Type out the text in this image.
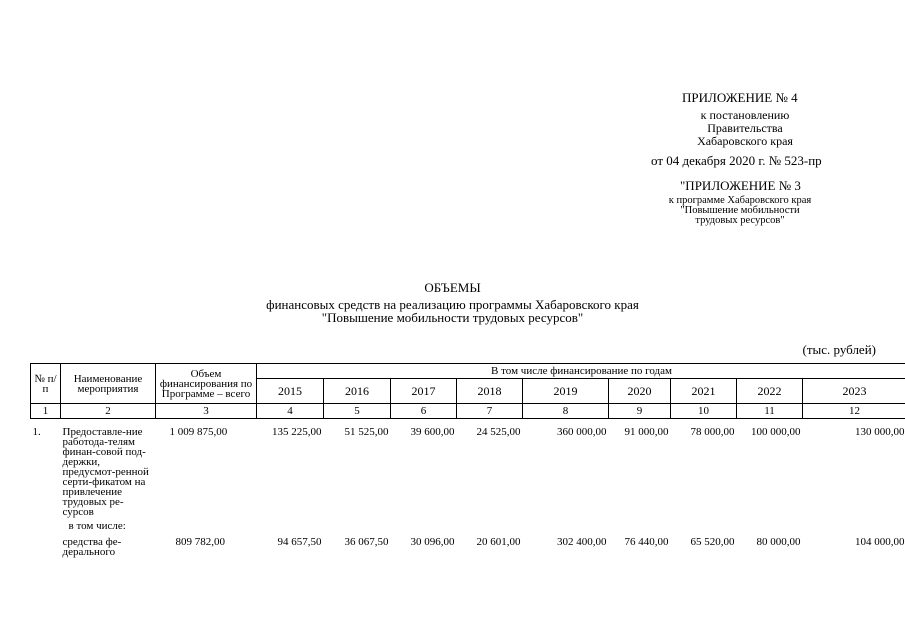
ПРИЛОЖЕНИЕ № 4
к постановлению
Правительства
Хабаровского края
от 04 декабря 2020 г. № 523-пр
"ПРИЛОЖЕНИЕ № 3
к программе Хабаровского края
"Повышение мобильности
трудовых ресурсов"
ОБЪЕМЫ
финансовых средств на реализацию программы Хабаровского края
"Повышение мобильности трудовых ресурсов"
(тыс. рублей)
№ п/п	Наименование мероприятия	Объем финансирования по Программе – всего	В том числе финансирование по годам								
			2015	2016	2017	2018	2019	2020	2021	2022	2023
1	2	3	4	5	6	7	8	9	10	11	12
1.	Предоставле-ние работода-телям финан-совой под-держки, предусмот-ренной серти-фикатом на привлечение трудовых ре-сурсов	1 009 875,00	135 225,00	51 525,00	39 600,00	24 525,00	360 000,00	91 000,00	78 000,00	100 000,00	130 000,00
	в том числе:										
	средства фе-дерального	809 782,00	94 657,50	36 067,50	30 096,00	20 601,00	302 400,00	76 440,00	65 520,00	80 000,00	104 000,00
